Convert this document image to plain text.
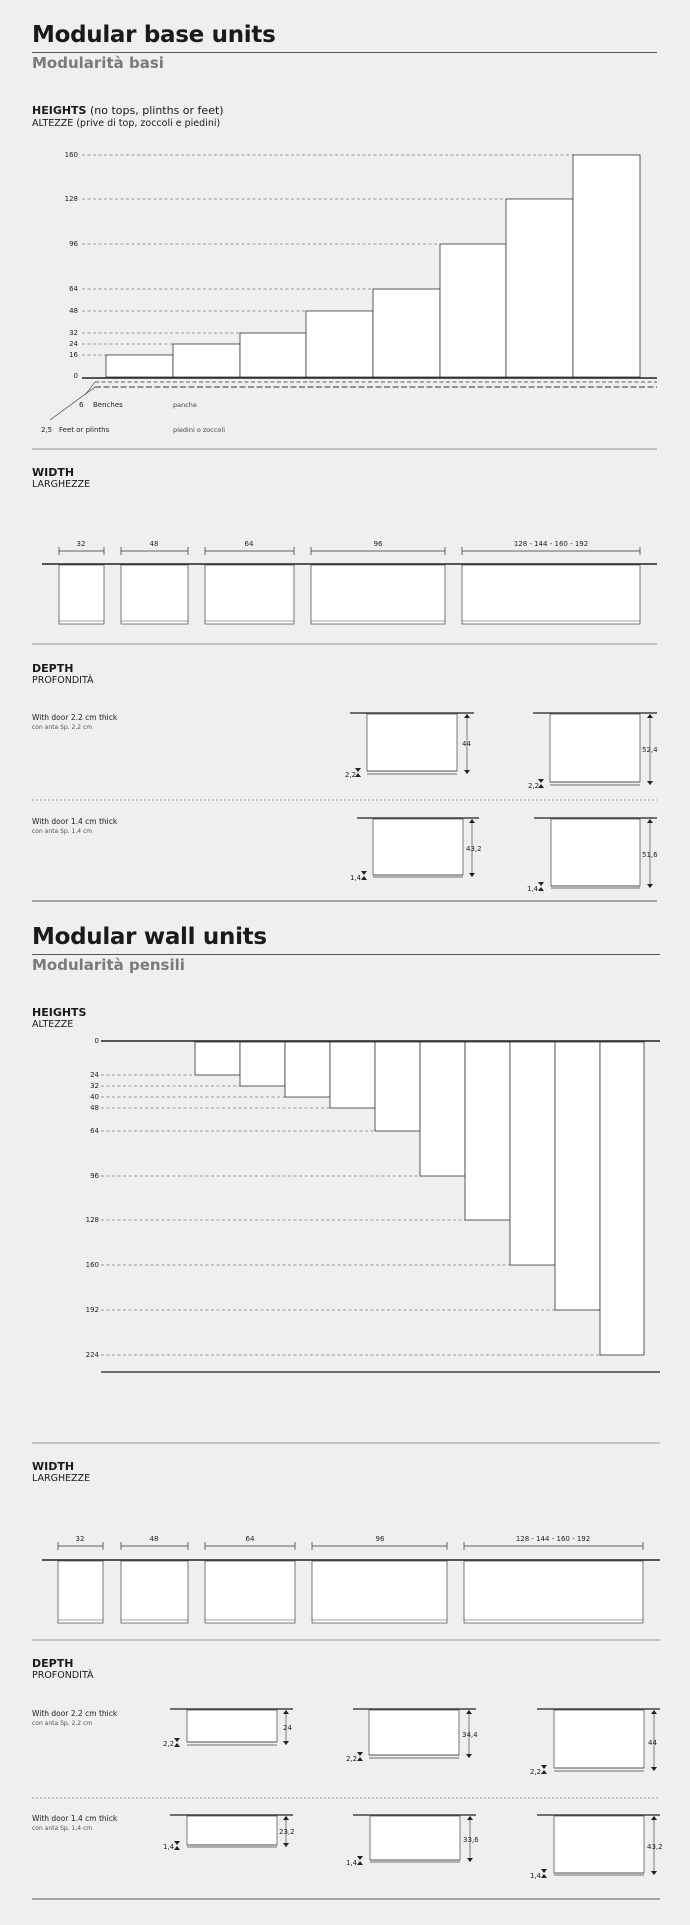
Modular base units
Modularità basi
HEIGHTS (no tops, plinths or feet)
ALTEZZE (prive di top, zoccoli e piedini)
160
128
96
64
48
32
24
16
0
6 Benches	panche
2,5 Feet or plinths	piedini o zoccoli
32	48	64	96	128 - 144 - 160 - 192
44
2,2
52,4
2,2
43,2
1,4
51,6
1,4
0
24
32
40
48
64
96
128
160
192
224
32	48	64	96	128 - 144 - 160 - 192
24
2,2
34,4
2,2
44
2,2
23,2
1,4
33,6
1,4
43,2
1,4
WIDTH
LARGHEZZE
DEPTH
PROFONDITÀ
With door 2.2 cm thick
con anta Sp. 2,2 cm
With door 1.4 cm thick
con anta Sp. 1,4 cm
Modular wall units
Modularità pensili
HEIGHTS
ALTEZZE
WIDTH
LARGHEZZE
DEPTH
PROFONDITÀ
With door 2.2 cm thick
con anta Sp. 2,2 cm
With door 1.4 cm thick
con anta Sp. 1,4 cm
